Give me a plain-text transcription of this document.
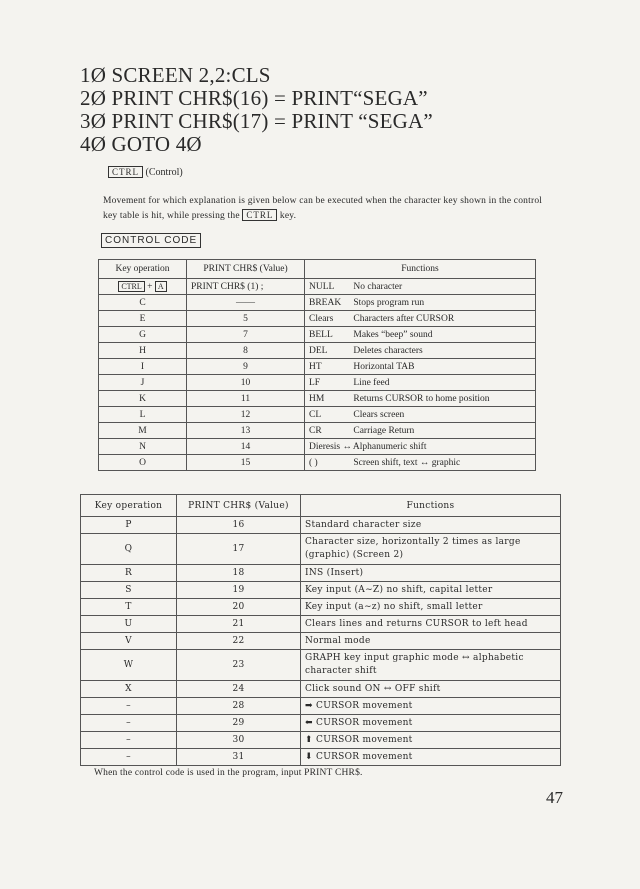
1Ø SCREEN 2,2:CLS
2Ø PRINT CHR$(16) = PRINT“SEGA”
3Ø PRINT CHR$(17) = PRINT “SEGA”
4Ø GOTO 4Ø
CTRL (Control)
Movement for which explanation is given below can be executed when the character key shown in the control key table is hit, while pressing the CTRL key.
CONTROL CODE
Key operation	PRINT CHR$ (Value)	Functions
CTRL + A	PRINT CHR$ (1) ;	NULL No character
C	——	BREAK Stops program run
E	5	Clears Characters after CURSOR
G	7	BELL Makes “beep” sound
H	8	DEL Deletes characters
I	9	HT Horizontal TAB
J	10	LF Line feed
K	11	HM Returns CURSOR to home position
L	12	CL Clears screen
M	13	CR Carriage Return
N	14	Dieresis ↔ Alphanumeric shift
O	15	( ) Screen shift, text ↔ graphic
Key operation	PRINT CHR$ (Value)	Functions
P	16	Standard character size
Q	17	Character size, horizontally 2 times as large (graphic) (Screen 2)
R	18	INS (Insert)
S	19	Key input (A∼Z) no shift, capital letter
T	20	Key input (a∼z) no shift, small letter
U	21	Clears lines and returns CURSOR to left head
V	22	Normal mode
W	23	GRAPH key input graphic mode ↔ alphabetic character shift
X	24	Click sound ON ↔ OFF shift
–	28	➡ CURSOR movement
–	29	⬅ CURSOR movement
–	30	⬆ CURSOR movement
–	31	⬇ CURSOR movement
When the control code is used in the program, input PRINT CHR$.
47
